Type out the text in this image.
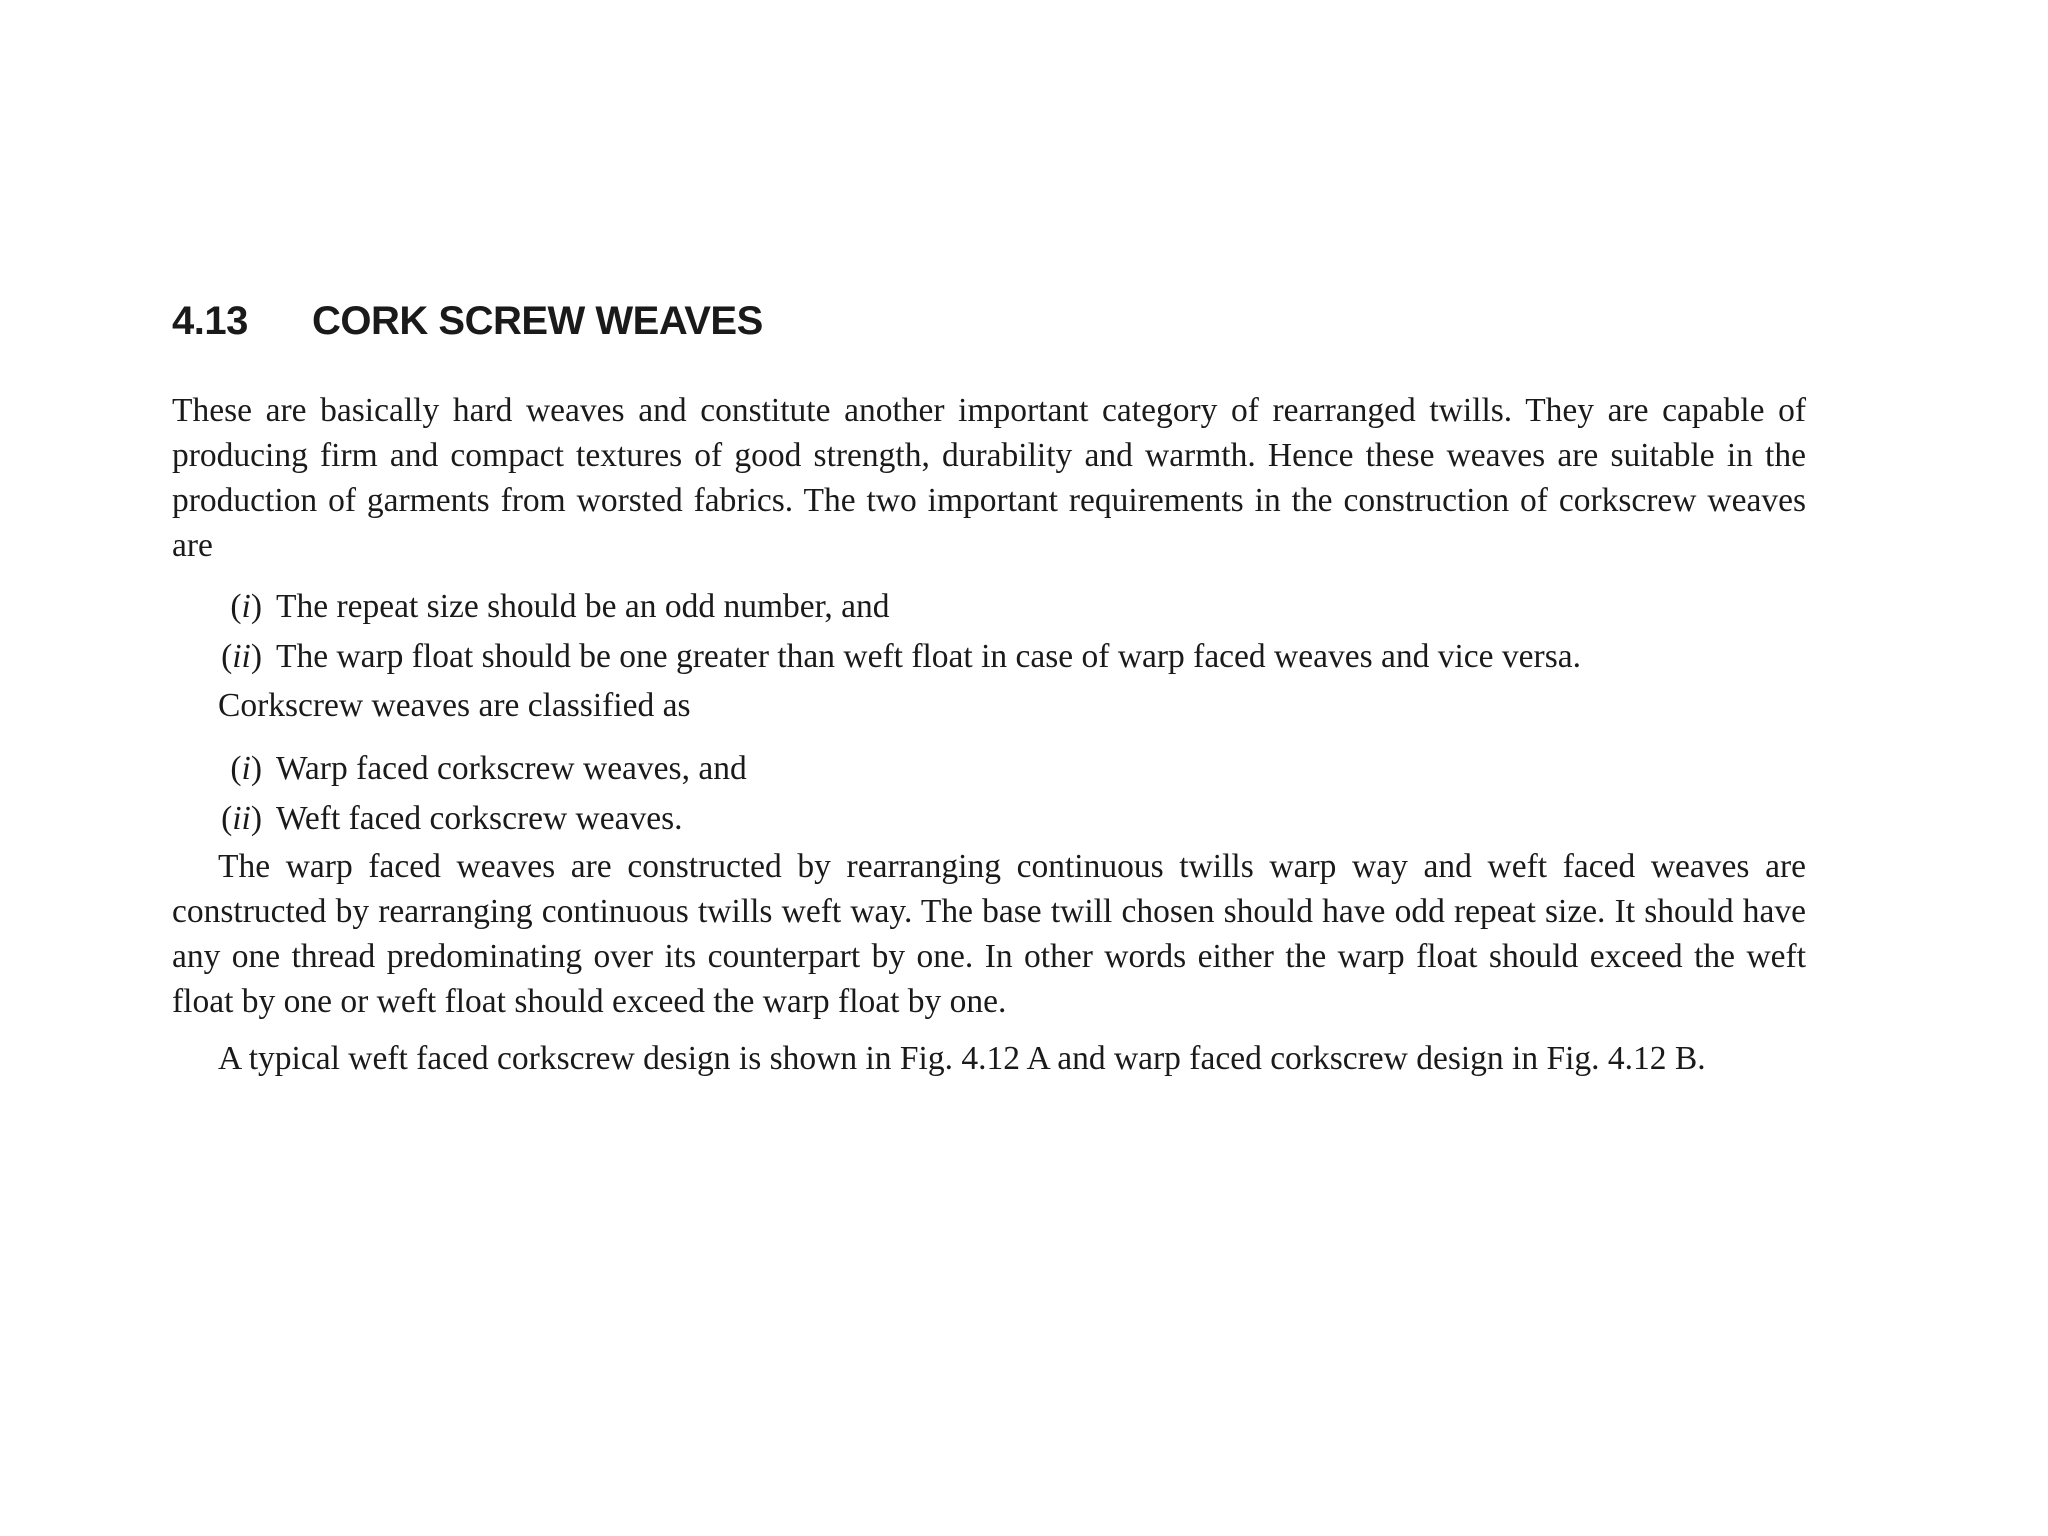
4.13 CORK SCREW WEAVES

These are basically hard weaves and constitute another important category of rearranged twills. They are capable of producing firm and compact textures of good strength, durability and warmth. Hence these weaves are suitable in the production of garments from worsted fabrics. The two important requirements in the construction of corkscrew weaves are

(i) The repeat size should be an odd number, and
(ii) The warp float should be one greater than weft float in case of warp faced weaves and vice versa.

Corkscrew weaves are classified as

(i) Warp faced corkscrew weaves, and
(ii) Weft faced corkscrew weaves.

The warp faced weaves are constructed by rearranging continuous twills warp way and weft faced weaves are constructed by rearranging continuous twills weft way. The base twill chosen should have odd repeat size. It should have any one thread predominating over its counterpart by one. In other words either the warp float should exceed the weft float by one or weft float should exceed the warp float by one.

A typical weft faced corkscrew design is shown in Fig. 4.12 A and warp faced corkscrew design in Fig. 4.12 B.
